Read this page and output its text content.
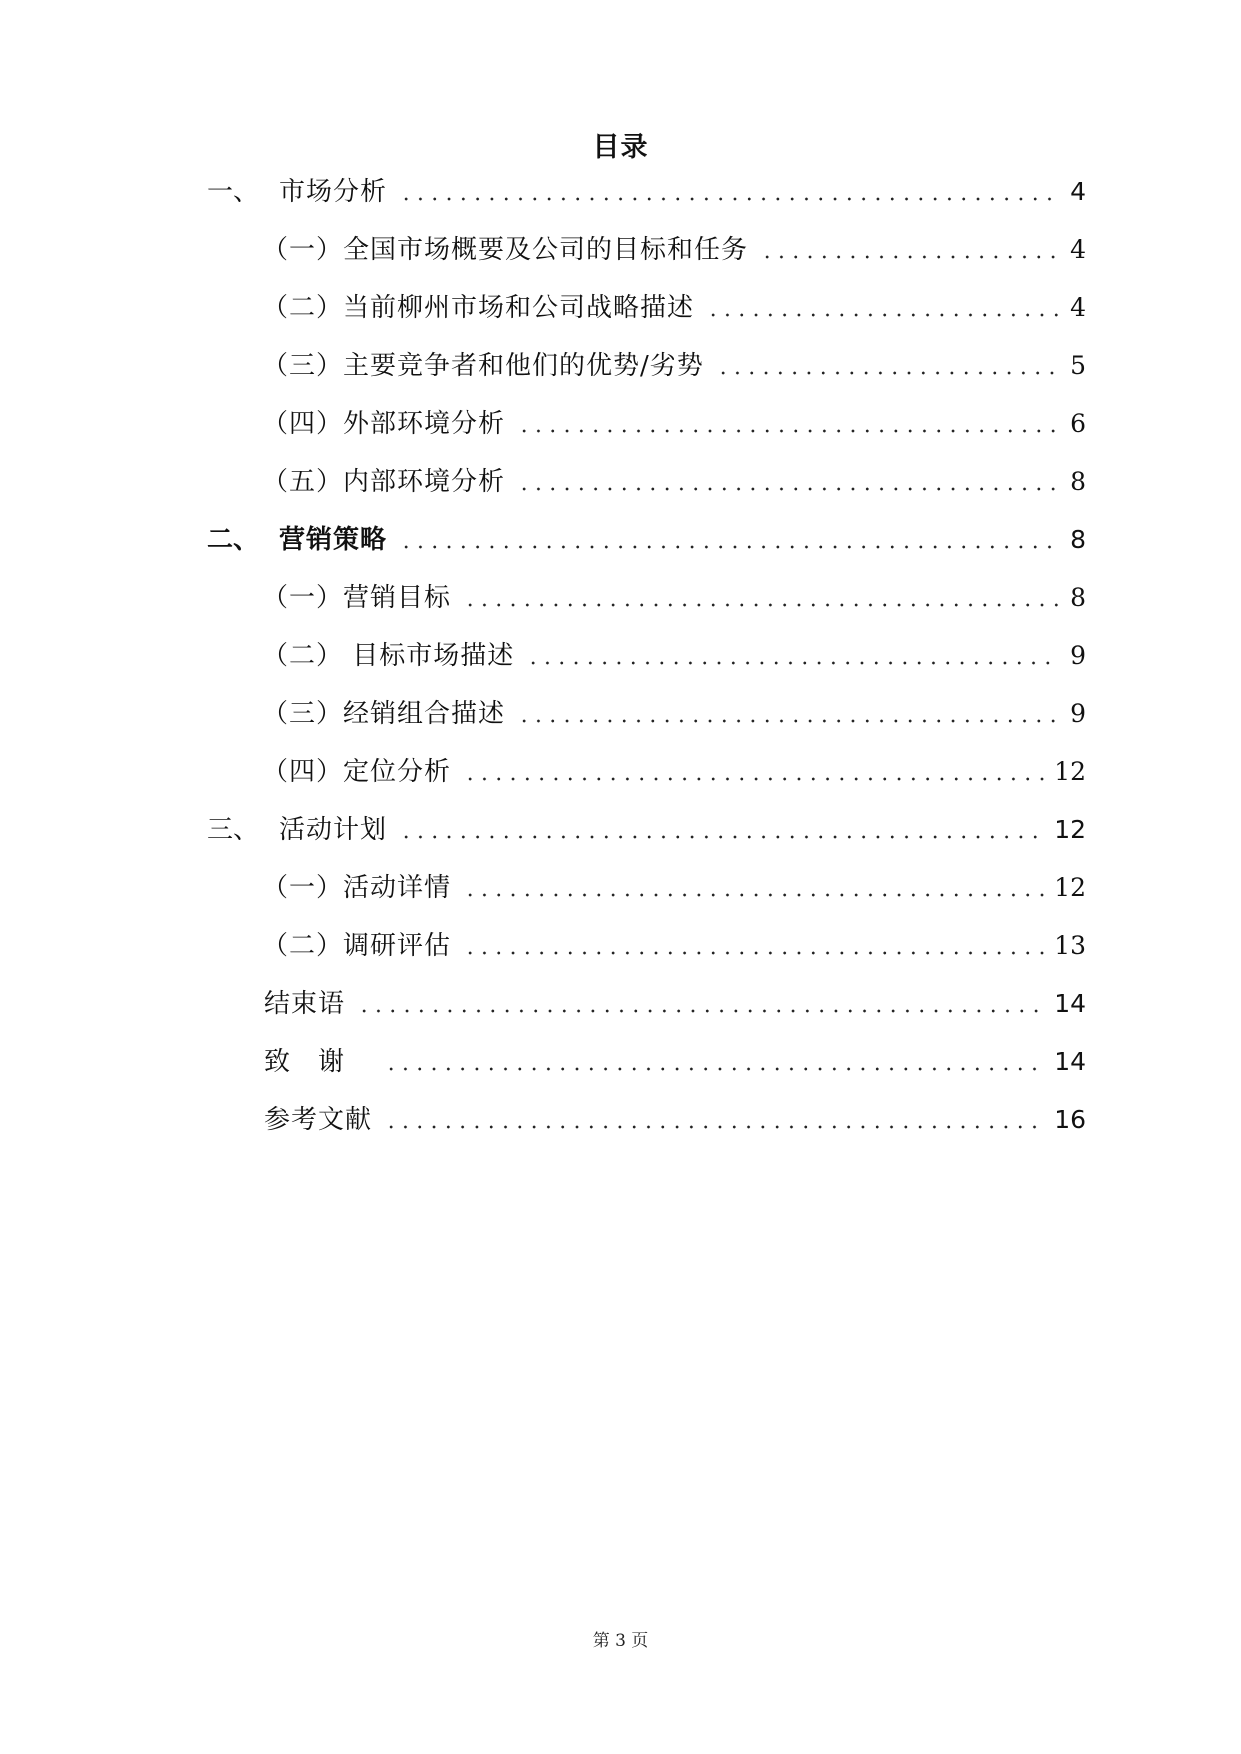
目录
一、 市场分析	4
（一）全国市场概要及公司的目标和任务	4
（二）当前柳州市场和公司战略描述	4
（三）主要竞争者和他们的优势/劣势	5
（四）外部环境分析	6
（五）内部环境分析	8
二、 营销策略	8
（一）营销目标	8
（二） 目标市场描述	9
（三）经销组合描述	9
（四）定位分析	12
三、 活动计划	12
（一）活动详情	12
（二）调研评估	13
结束语	14
致谢	14
参考文献	16
第 3 页
